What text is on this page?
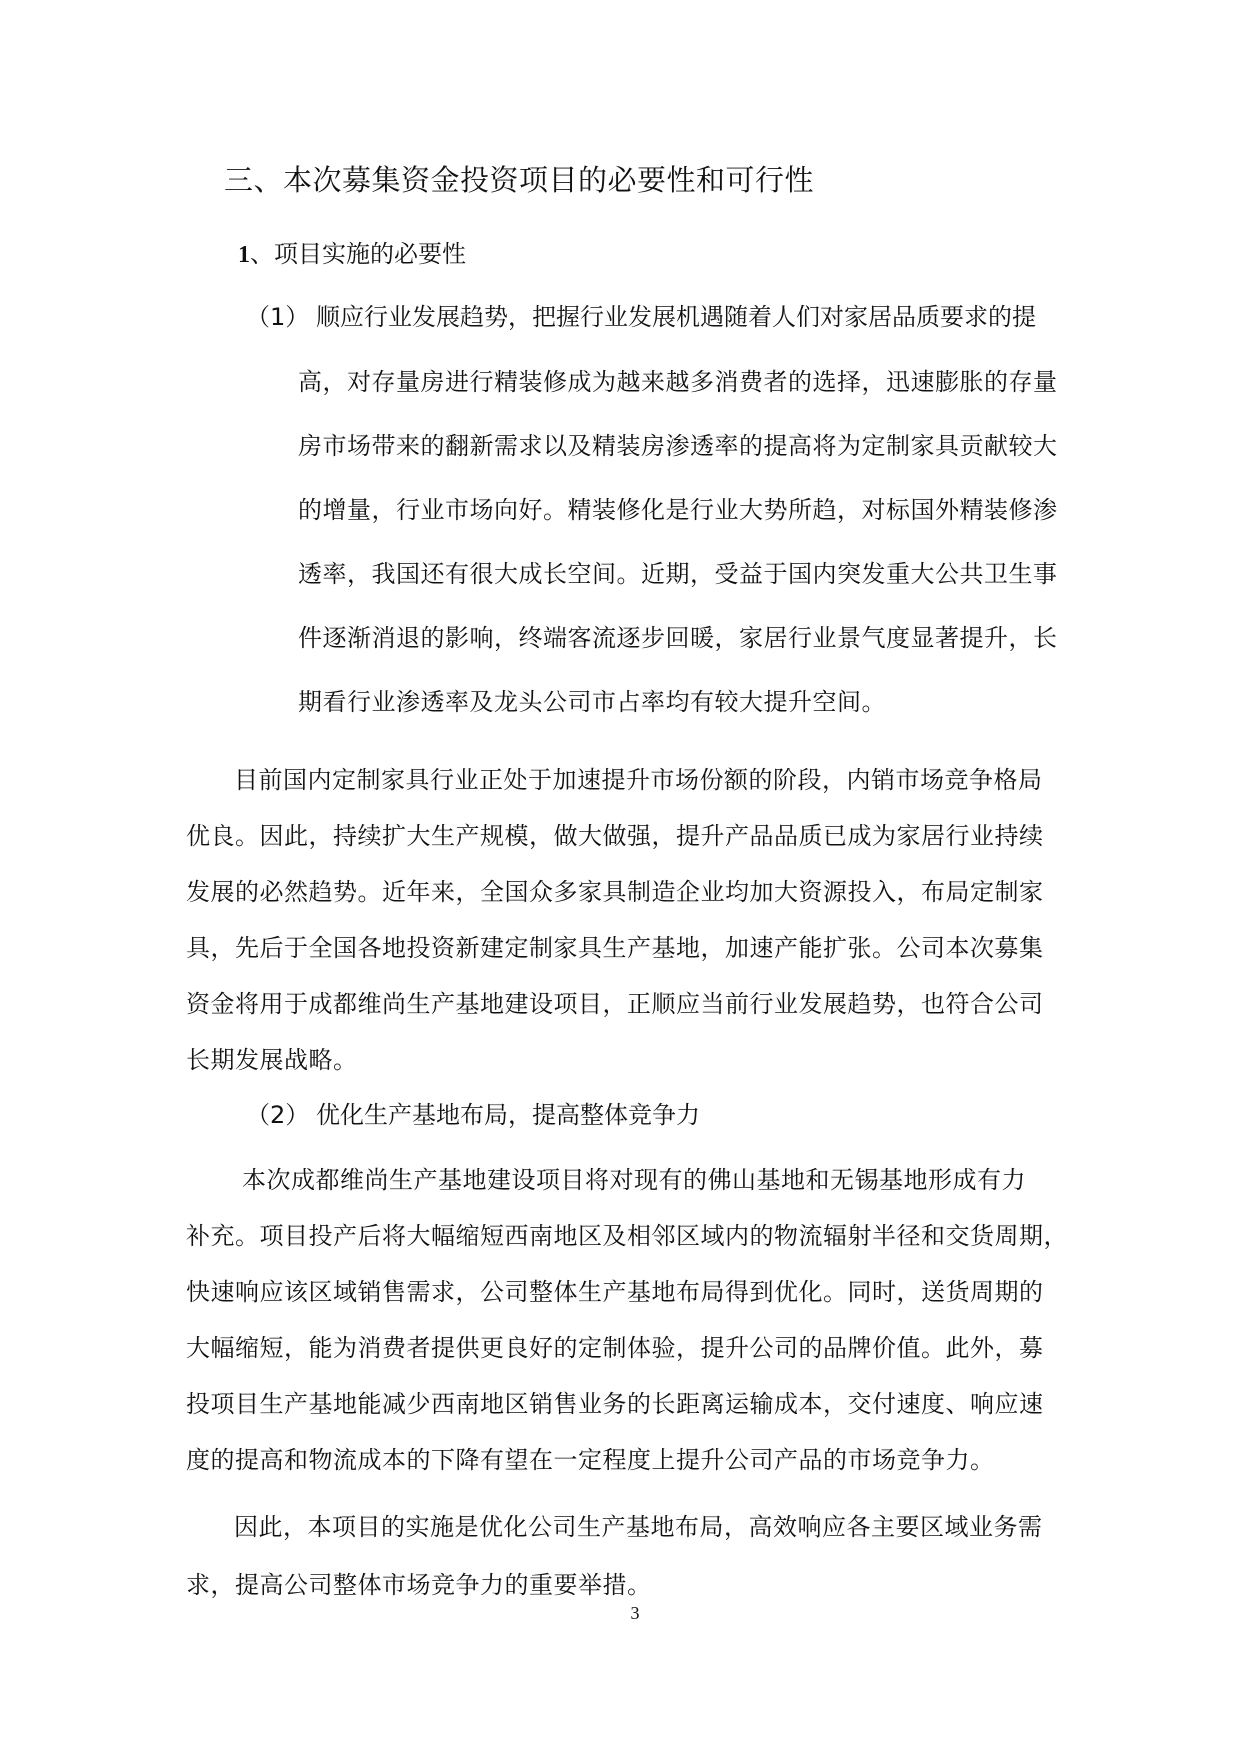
三、本次募集资金投资项目的必要性和可行性
1、项目实施的必要性
（1） 顺应行业发展趋势，把握行业发展机遇随着人们对家居品质要求的提
高，对存量房进行精装修成为越来越多消费者的选择，迅速膨胀的存量
房市场带来的翻新需求以及精装房渗透率的提高将为定制家具贡献较大
的增量，行业市场向好。精装修化是行业大势所趋，对标国外精装修渗
透率，我国还有很大成长空间。近期，受益于国内突发重大公共卫生事
件逐渐消退的影响，终端客流逐步回暖，家居行业景气度显著提升，长
期看行业渗透率及龙头公司市占率均有较大提升空间。
目前国内定制家具行业正处于加速提升市场份额的阶段，内销市场竞争格局
优良。因此，持续扩大生产规模，做大做强，提升产品品质已成为家居行业持续
发展的必然趋势。近年来，全国众多家具制造企业均加大资源投入，布局定制家
具，先后于全国各地投资新建定制家具生产基地，加速产能扩张。公司本次募集
资金将用于成都维尚生产基地建设项目，正顺应当前行业发展趋势，也符合公司
长期发展战略。
（2） 优化生产基地布局，提高整体竞争力
本次成都维尚生产基地建设项目将对现有的佛山基地和无锡基地形成有力
补充。项目投产后将大幅缩短西南地区及相邻区域内的物流辐射半径和交货周期，
快速响应该区域销售需求，公司整体生产基地布局得到优化。同时，送货周期的
大幅缩短，能为消费者提供更良好的定制体验，提升公司的品牌价值。此外，募
投项目生产基地能减少西南地区销售业务的长距离运输成本，交付速度、响应速
度的提高和物流成本的下降有望在一定程度上提升公司产品的市场竞争力。
因此，本项目的实施是优化公司生产基地布局，高效响应各主要区域业务需
求，提高公司整体市场竞争力的重要举措。
3
